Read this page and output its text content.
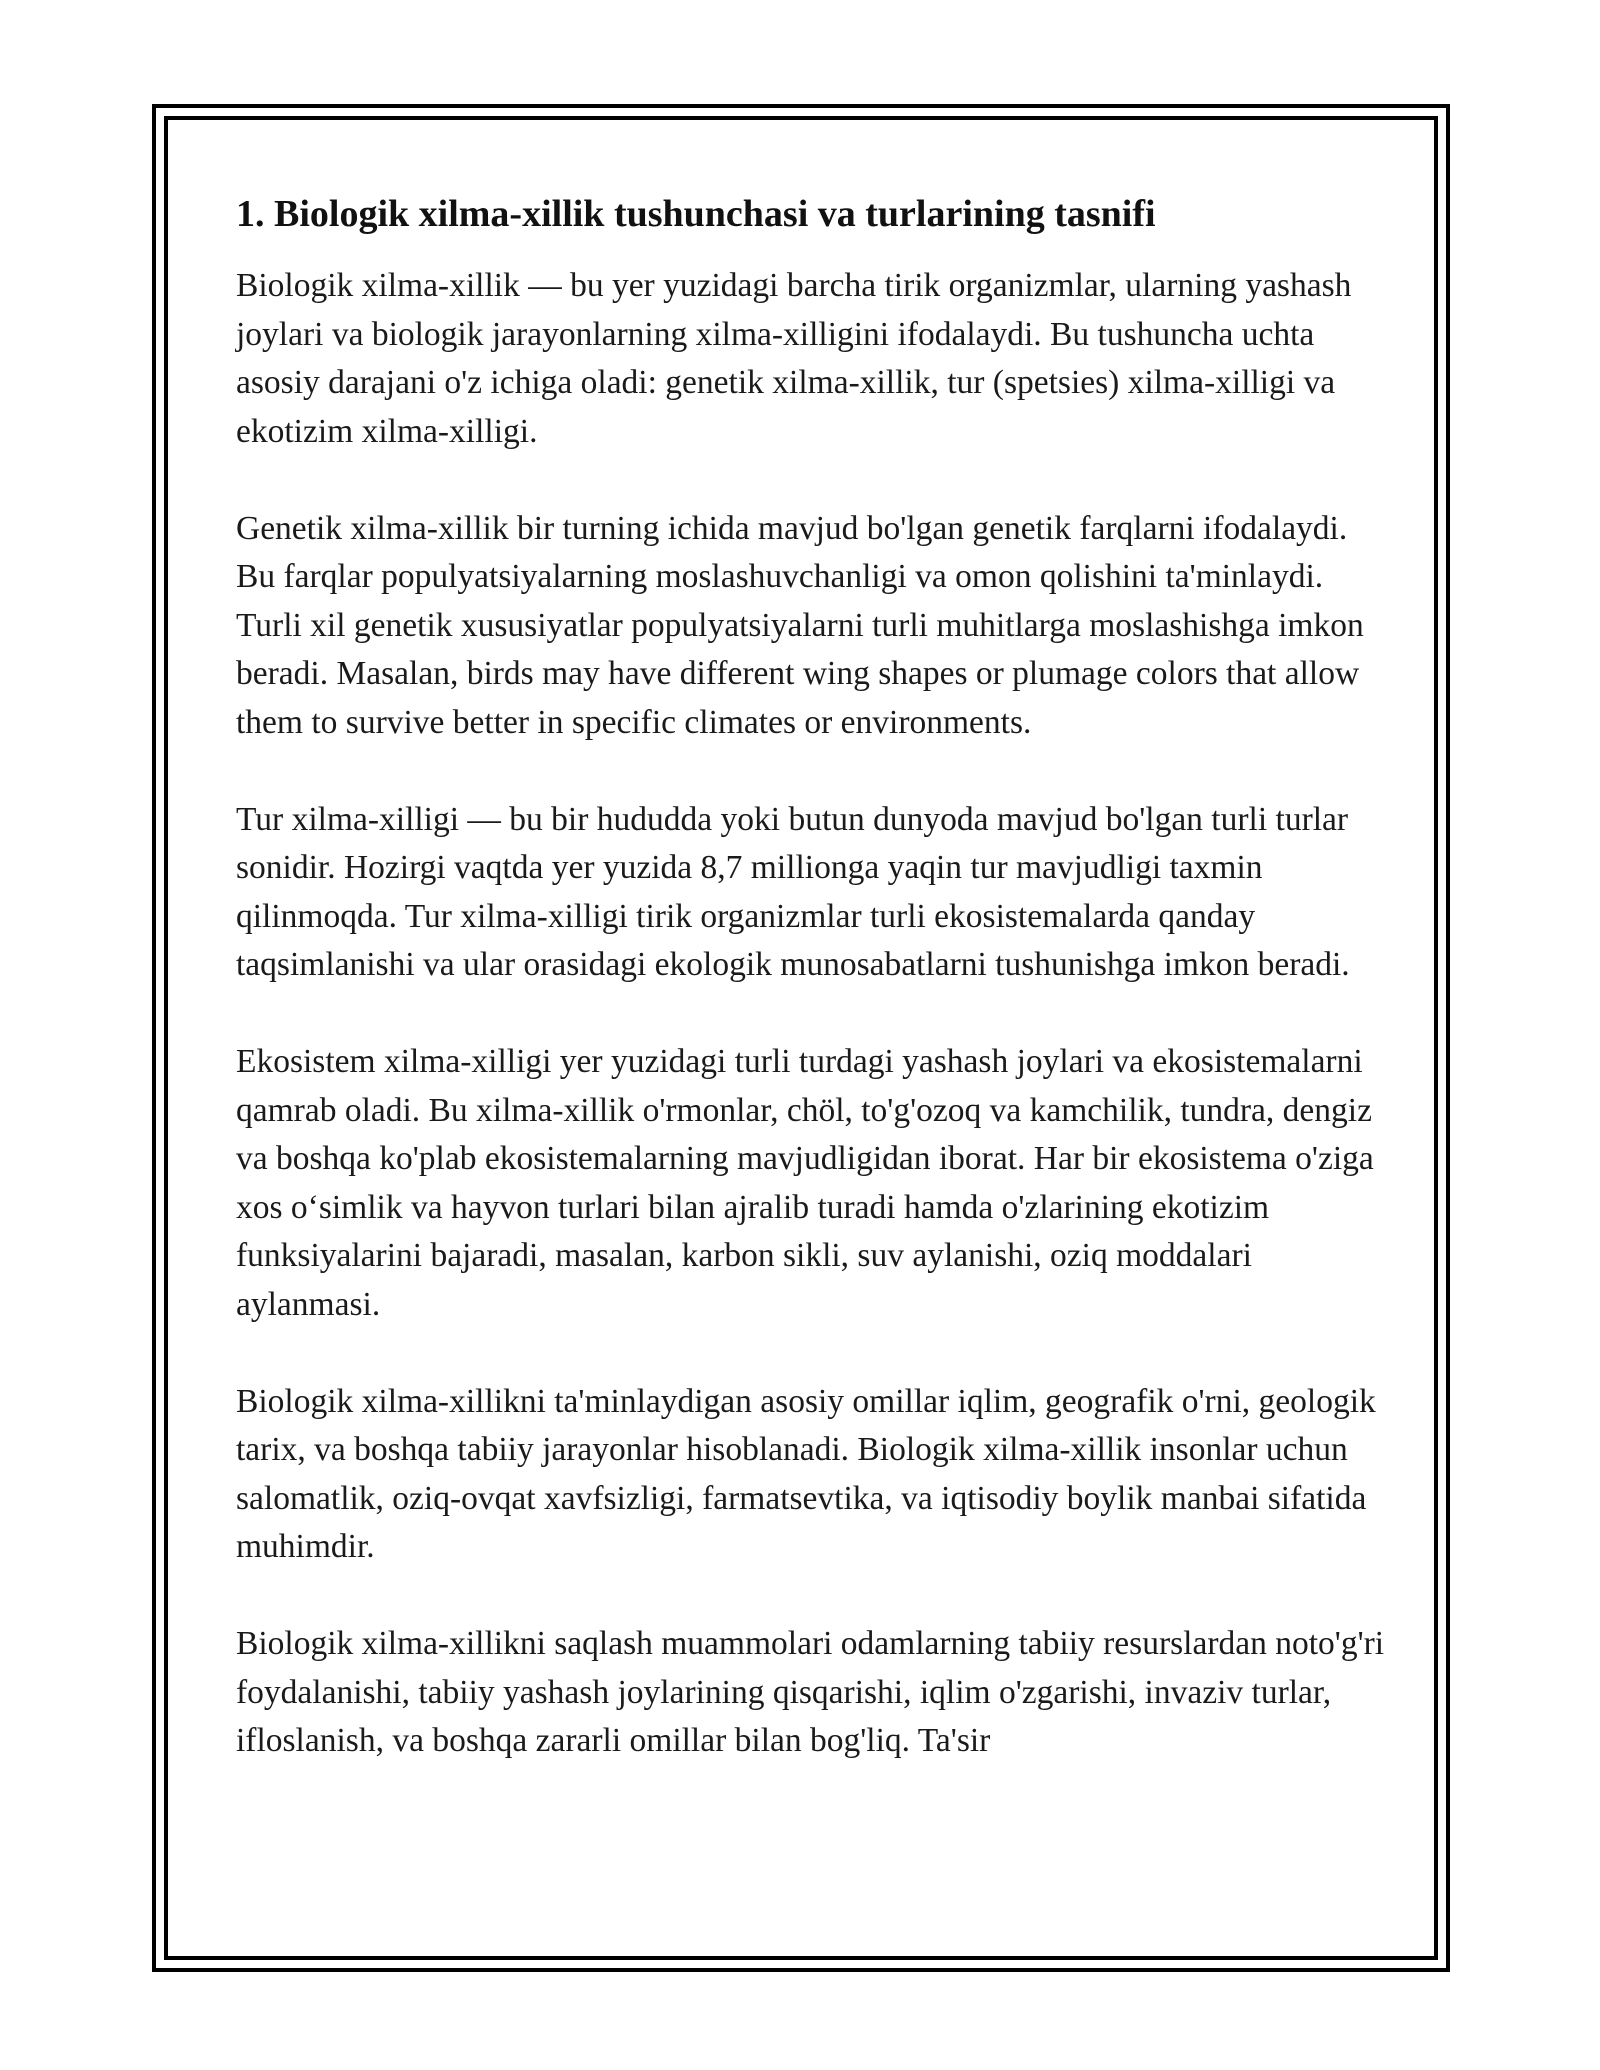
1. Biologik xilma-xillik tushunchasi va turlarining tasnifi

Biologik xilma-xillik — bu yer yuzidagi barcha tirik organizmlar, ularning yashash joylari va biologik jarayonlarning xilma-xilligini ifodalaydi. Bu tushuncha uchta asosiy darajani o'z ichiga oladi: genetik xilma-xillik, tur (spetsies) xilma-xilligi va ekotizim xilma-xilligi.

Genetik xilma-xillik bir turning ichida mavjud bo'lgan genetik farqlarni ifodalaydi. Bu farqlar populyatsiyalarning moslashuvchanligi va omon qolishini ta'minlaydi. Turli xil genetik xususiyatlar populyatsiyalarni turli muhitlarga moslashishga imkon beradi. Masalan, birds may have different wing shapes or plumage colors that allow them to survive better in specific climates or environments.

Tur xilma-xilligi — bu bir hududda yoki butun dunyoda mavjud bo'lgan turli turlar sonidir. Hozirgi vaqtda yer yuzida 8,7 millionga yaqin tur mavjudligi taxmin qilinmoqda. Tur xilma-xilligi tirik organizmlar turli ekosistemalarda qanday taqsimlanishi va ular orasidagi ekologik munosabatlarni tushunishga imkon beradi.

Ekosistem xilma-xilligi yer yuzidagi turli turdagi yashash joylari va ekosistemalarni qamrab oladi. Bu xilma-xillik o'rmonlar, chöl, to'g'ozoq va kamchilik, tundra, dengiz va boshqa ko'plab ekosistemalarning mavjudligidan iborat. Har bir ekosistema o'ziga xos o‘simlik va hayvon turlari bilan ajralib turadi hamda o'zlarining ekotizim funksiyalarini bajaradi, masalan, karbon sikli, suv aylanishi, oziq moddalari aylanmasi.

Biologik xilma-xillikni ta'minlaydigan asosiy omillar iqlim, geografik o'rni, geologik tarix, va boshqa tabiiy jarayonlar hisoblanadi. Biologik xilma-xillik insonlar uchun salomatlik, oziq-ovqat xavfsizligi, farmatsevtika, va iqtisodiy boylik manbai sifatida muhimdir.

Biologik xilma-xillikni saqlash muammolari odamlarning tabiiy resurslardan noto'g'ri foydalanishi, tabiiy yashash joylarining qisqarishi, iqlim o'zgarishi, invaziv turlar, ifloslanish, va boshqa zararli omillar bilan bog'liq. Ta'sir
